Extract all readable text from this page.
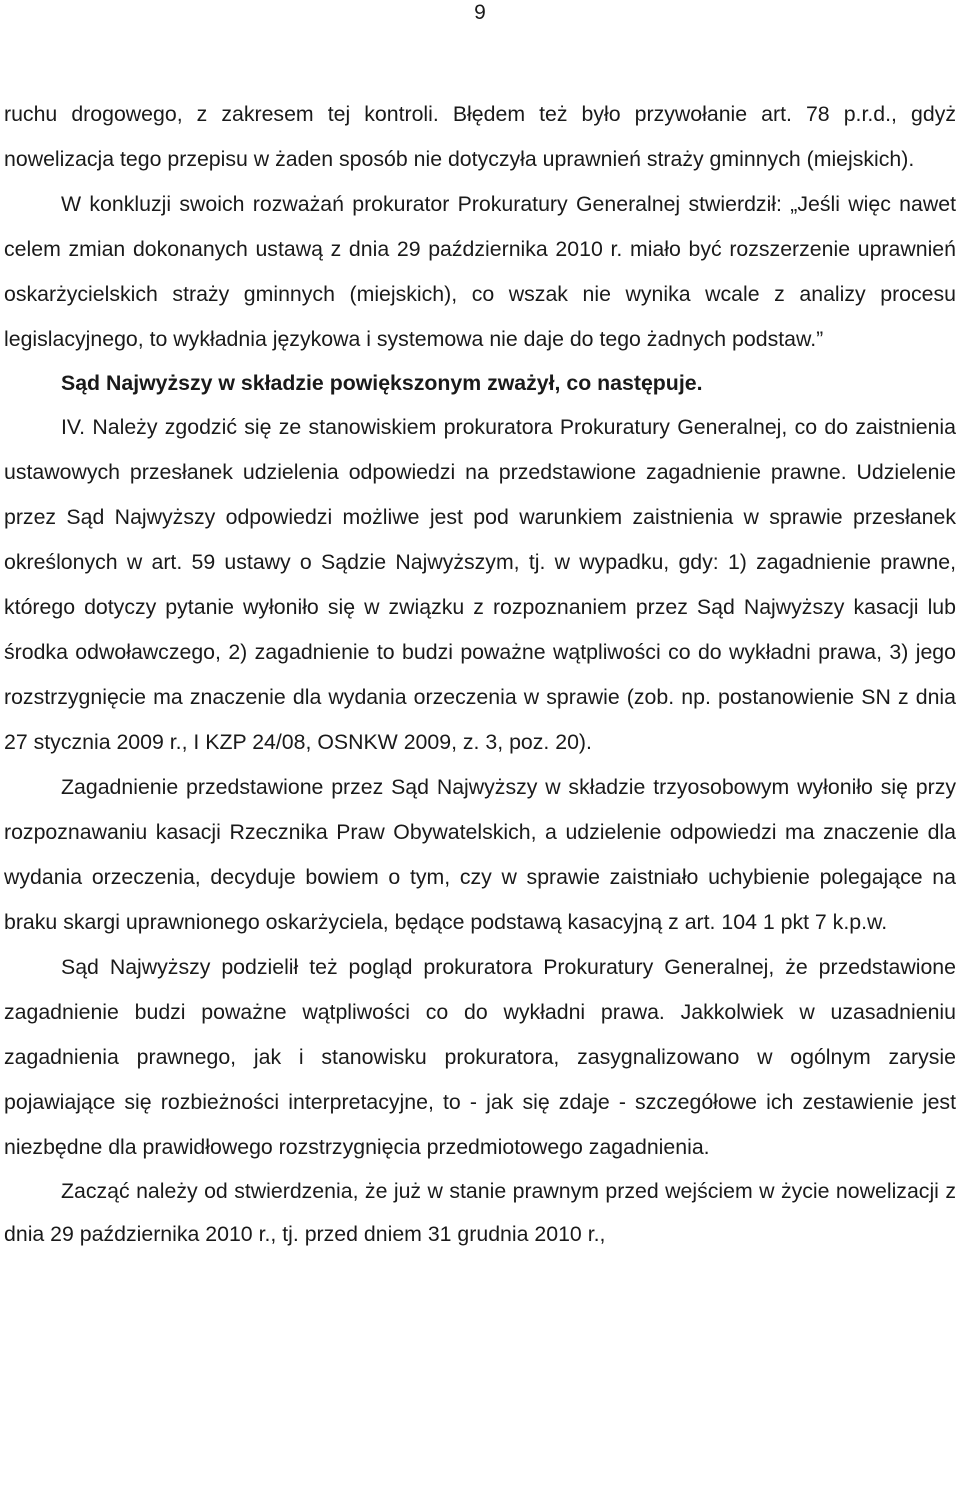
9

ruchu drogowego, z zakresem tej kontroli. Błędem też było przywołanie art. 78 p.r.d., gdyż nowelizacja tego przepisu w żaden sposób nie dotyczyła uprawnień straży gminnych (miejskich).

W konkluzji swoich rozważań prokurator Prokuratury Generalnej stwierdził: „Jeśli więc nawet celem zmian dokonanych ustawą z dnia 29 października 2010 r. miało być rozszerzenie uprawnień oskarżycielskich straży gminnych (miejskich), co wszak nie wynika wcale z analizy procesu legislacyjnego, to wykładnia językowa i systemowa nie daje do tego żadnych podstaw.”

Sąd Najwyższy w składzie powiększonym zważył, co następuje.

IV. Należy zgodzić się ze stanowiskiem prokuratora Prokuratury Generalnej, co do zaistnienia ustawowych przesłanek udzielenia odpowiedzi na przedstawione zagadnienie prawne. Udzielenie przez Sąd Najwyższy odpowiedzi możliwe jest pod warunkiem zaistnienia w sprawie przesłanek określonych w art. 59 ustawy o Sądzie Najwyższym, tj. w wypadku, gdy: 1) zagadnienie prawne, którego dotyczy pytanie wyłoniło się w związku z rozpoznaniem przez Sąd Najwyższy kasacji lub środka odwoławczego, 2) zagadnienie to budzi poważne wątpliwości co do wykładni prawa, 3) jego rozstrzygnięcie ma znaczenie dla wydania orzeczenia w sprawie (zob. np. postanowienie SN z dnia 27 stycznia 2009 r., I KZP 24/08, OSNKW 2009, z. 3, poz. 20).

Zagadnienie przedstawione przez Sąd Najwyższy w składzie trzyosobowym wyłoniło się przy rozpoznawaniu kasacji Rzecznika Praw Obywatelskich, a udzielenie odpowiedzi ma znaczenie dla wydania orzeczenia, decyduje bowiem o tym, czy w sprawie zaistniało uchybienie polegające na braku skargi uprawnionego oskarżyciela, będące podstawą kasacyjną z art. 104 1 pkt 7 k.p.w.

Sąd Najwyższy podzielił też pogląd prokuratora Prokuratury Generalnej, że przedstawione zagadnienie budzi poważne wątpliwości co do wykładni prawa. Jakkolwiek w uzasadnieniu zagadnienia prawnego, jak i stanowisku prokuratora, zasygnalizowano w ogólnym zarysie pojawiające się rozbieżności interpretacyjne, to - jak się zdaje - szczegółowe ich zestawienie jest niezbędne dla prawidłowego rozstrzygnięcia przedmiotowego zagadnienia.

Zacząć należy od stwierdzenia, że już w stanie prawnym przed wejściem w życie nowelizacji z dnia 29 października 2010 r., tj. przed dniem 31 grudnia 2010 r.,
